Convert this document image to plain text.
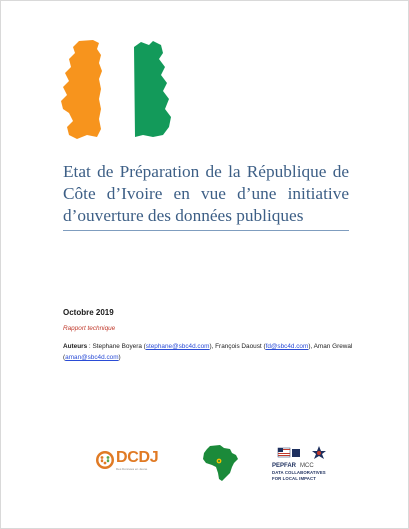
Etat de Préparation de la République de
Côte d’Ivoire en vue d’une initiative
d’ouverture des données publiques
Octobre 2019
Rapport technique
Auteurs : Stephane Boyera (stephane@sbc4d.com), François Daoust (fd@sbc4d.com), Aman Grewal (aman@sbc4d.com)
DCDJ
Des Données en Jeune	PEPFAR MCC
DATA COLLABORATIVES
FOR LOCAL IMPACT
